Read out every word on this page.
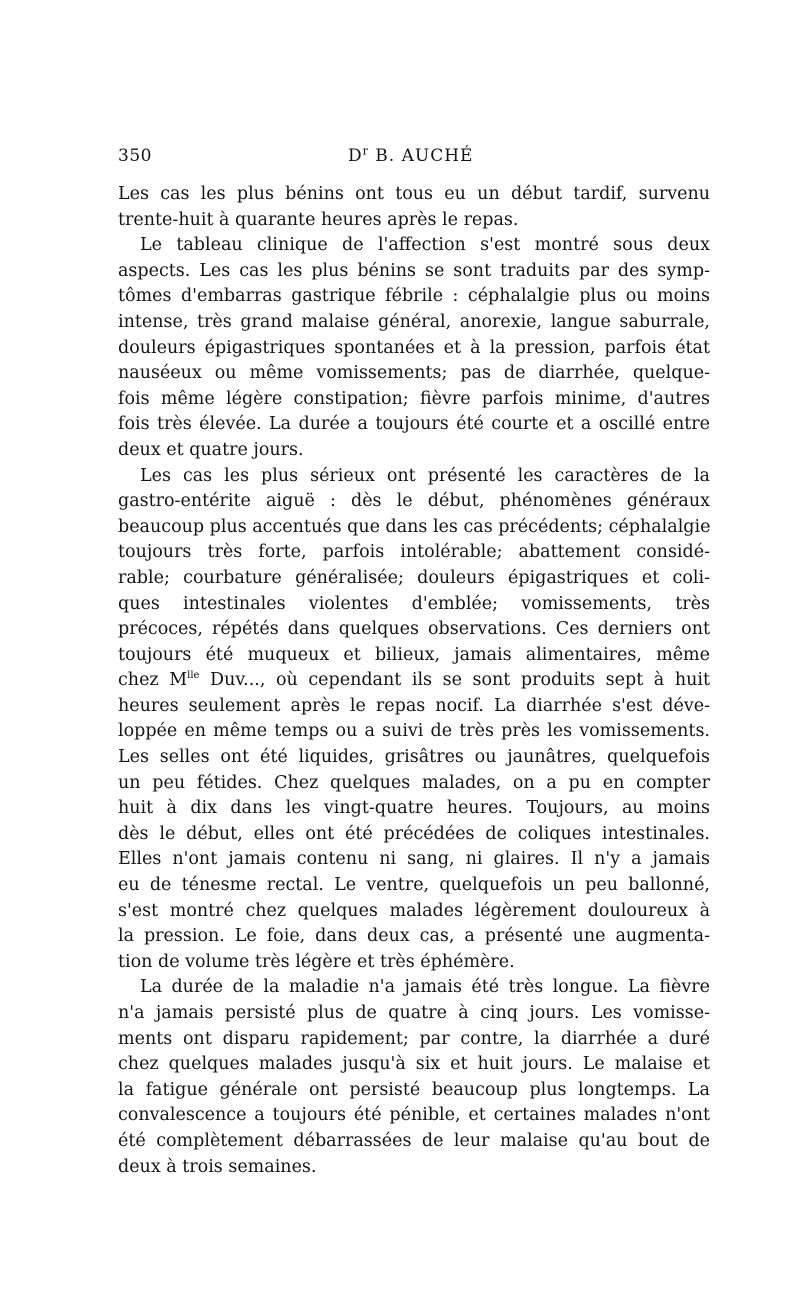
350	$D^r$ B. AUCHÉ
Les cas les plus bénins ont tous eu un début tardif, survenu
trente-huit à quarante heures après le repas.
Le tableau clinique de l'affection s'est montré sous deux
aspects. Les cas les plus bénins se sont traduits par des symp-
tômes d'embarras gastrique fébrile : céphalalgie plus ou moins
intense, très grand malaise général, anorexie, langue saburrale,
douleurs épigastriques spontanées et à la pression, parfois état
nauséeux ou même vomissements; pas de diarrhée, quelque-
fois même légère constipation; fièvre parfois minime, d'autres
fois très élevée. La durée a toujours été courte et a oscillé entre
deux et quatre jours.
Les cas les plus sérieux ont présenté les caractères de la
gastro-entérite aiguë : dès le début, phénomènes généraux
beaucoup plus accentués que dans les cas précédents; céphalalgie
toujours très forte, parfois intolérable; abattement considé-
rable; courbature généralisée; douleurs épigastriques et coli-
ques intestinales violentes d'emblée; vomissements, très
précoces, répétés dans quelques observations. Ces derniers ont
toujours été muqueux et bilieux, jamais alimentaires, même
chez $M^{lle}$ Duv..., où cependant ils se sont produits sept à huit
heures seulement après le repas nocif. La diarrhée s'est déve-
loppée en même temps ou a suivi de très près les vomissements.
Les selles ont été liquides, grisâtres ou jaunâtres, quelquefois
un peu fétides. Chez quelques malades, on a pu en compter
huit à dix dans les vingt-quatre heures. Toujours, au moins
dès le début, elles ont été précédées de coliques intestinales.
Elles n'ont jamais contenu ni sang, ni glaires. Il n'y a jamais
eu de ténesme rectal. Le ventre, quelquefois un peu ballonné,
s'est montré chez quelques malades légèrement douloureux à
la pression. Le foie, dans deux cas, a présenté une augmenta-
tion de volume très légère et très éphémère.
La durée de la maladie n'a jamais été très longue. La fièvre
n'a jamais persisté plus de quatre à cinq jours. Les vomisse-
ments ont disparu rapidement; par contre, la diarrhée a duré
chez quelques malades jusqu'à six et huit jours. Le malaise et
la fatigue générale ont persisté beaucoup plus longtemps. La
convalescence a toujours été pénible, et certaines malades n'ont
été complètement débarrassées de leur malaise qu'au bout de
deux à trois semaines.
